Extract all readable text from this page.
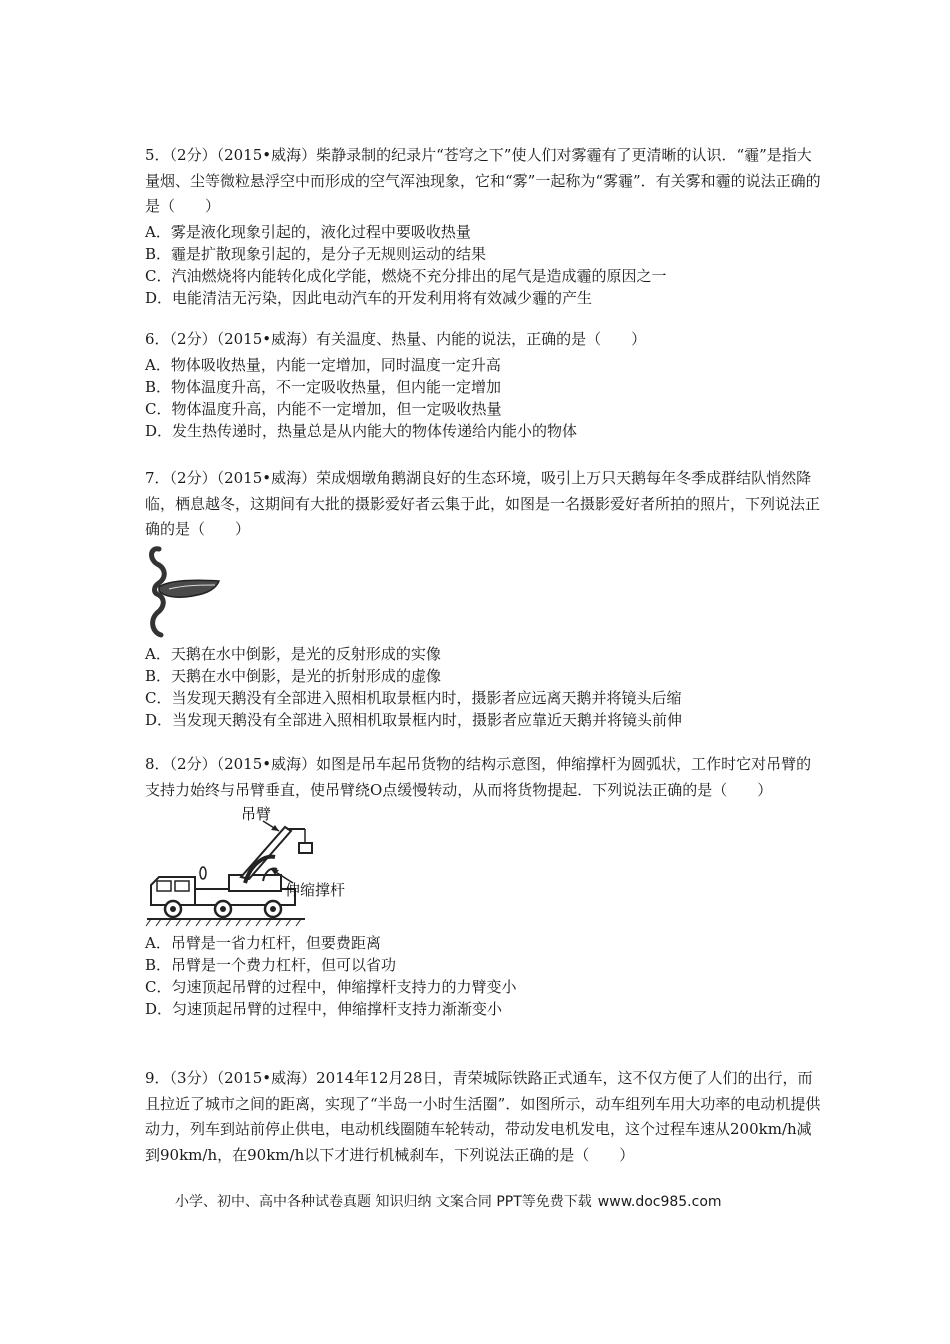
5．（2分）（2015•威海）柴静录制的纪录片“苍穹之下”使人们对雾霾有了更清晰的认识．“霾”是指大量烟、尘等微粒悬浮空中而形成的空气浑浊现象，它和“雾”一起称为“雾霾”．有关雾和霾的说法正确的是（　　）

A．雾是液化现象引起的，液化过程中要吸收热量
B．霾是扩散现象引起的，是分子无规则运动的结果
C．汽油燃烧将内能转化成化学能，燃烧不充分排出的尾气是造成霾的原因之一
D．电能清洁无污染，因此电动汽车的开发利用将有效减少霾的产生

6．（2分）（2015•威海）有关温度、热量、内能的说法，正确的是（　　）

A．物体吸收热量，内能一定增加，同时温度一定升高
B．物体温度升高，不一定吸收热量，但内能一定增加
C．物体温度升高，内能不一定增加，但一定吸收热量
D．发生热传递时，热量总是从内能大的物体传递给内能小的物体

7．（2分）（2015•威海）荣成烟墩角鹅湖良好的生态环境，吸引上万只天鹅每年冬季成群结队悄然降临，栖息越冬，这期间有大批的摄影爱好者云集于此，如图是一名摄影爱好者所拍的照片，下列说法正确的是（　　）

A．天鹅在水中倒影，是光的反射形成的实像
B．天鹅在水中倒影，是光的折射形成的虚像
C．当发现天鹅没有全部进入照相机取景框内时，摄影者应远离天鹅并将镜头后缩
D．当发现天鹅没有全部进入照相机取景框内时，摄影者应靠近天鹅并将镜头前伸

8．（2分）（2015•威海）如图是吊车起吊货物的结构示意图，伸缩撑杆为圆弧状，工作时它对吊臂的支持力始终与吊臂垂直，使吊臂绕O点缓慢转动，从而将货物提起．下列说法正确的是（　　）

吊臂
伸缩撑杆
A．吊臂是一省力杠杆，但要费距离
B．吊臂是一个费力杠杆，但可以省功
C．匀速顶起吊臂的过程中，伸缩撑杆支持力的力臂变小
D．匀速顶起吊臂的过程中，伸缩撑杆支持力渐渐变小

9．（3分）（2015•威海）2014年12月28日，青荣城际铁路正式通车，这不仅方便了人们的出行，而且拉近了城市之间的距离，实现了“半岛一小时生活圈”．如图所示，动车组列车用大功率的电动机提供动力，列车到站前停止供电，电动机线圈随车轮转动，带动发电机发电，这个过程车速从200km/h减到90km/h，在90km/h以下才进行机械刹车，下列说法正确的是（　　）

小学、初中、高中各种试卷真题 知识归纳 文案合同 PPT等免费下载 www.doc985.com
